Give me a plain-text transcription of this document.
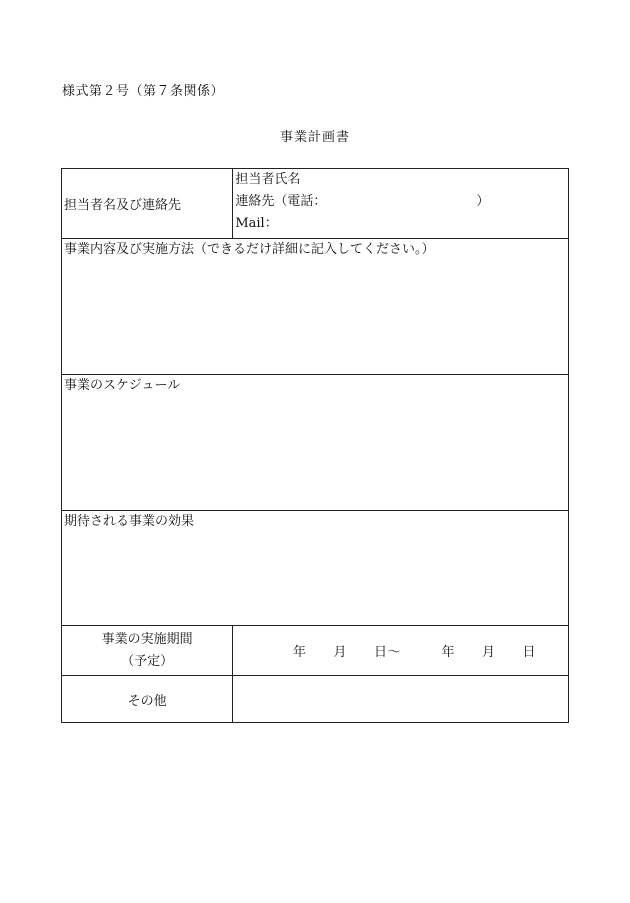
様式第２号（第７条関係）
事業計画書
担当者名及び連絡先	担当者氏名
連絡先（電話： ）
Mail：

事業内容及び実施方法（できるだけ詳細に記入してください。）	

事業のスケジュール	

期待される事業の効果	

事業の実施期間
（予定）	年　　月　　日～　　　年　　月　　日

その他	
